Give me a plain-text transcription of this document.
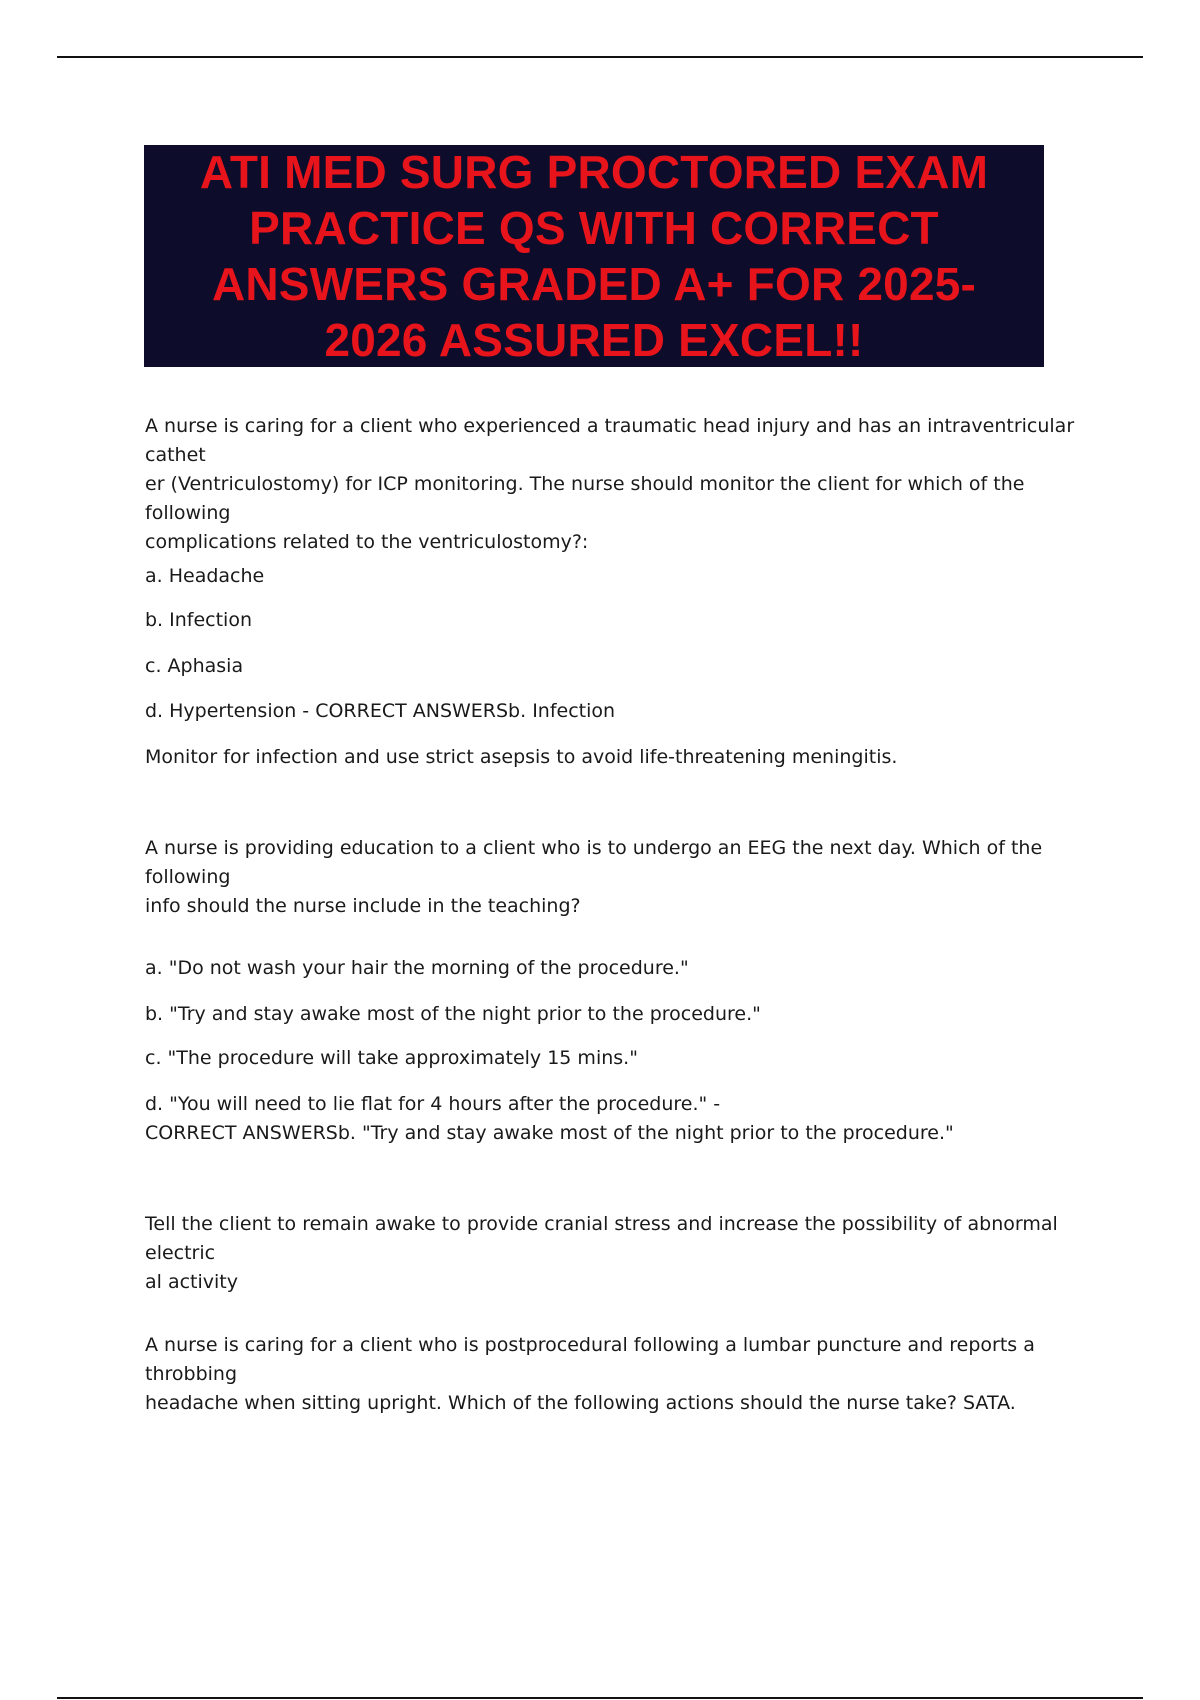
ATI MED SURG PROCTORED EXAM PRACTICE QS WITH CORRECT ANSWERS GRADED A+ FOR 2025-2026 ASSURED EXCEL!!

A nurse is caring for a client who experienced a traumatic head injury and has an intraventricular cathet
er (Ventriculostomy) for ICP monitoring. The nurse should monitor the client for which of the following
complications related to the ventriculostomy?:

a. Headache

b. Infection

c. Aphasia

d. Hypertension - CORRECT ANSWERSb. Infection

Monitor for infection and use strict asepsis to avoid life-threatening meningitis.

A nurse is providing education to a client who is to undergo an EEG the next day. Which of the following
info should the nurse include in the teaching?

a. "Do not wash your hair the morning of the procedure."

b. "Try and stay awake most of the night prior to the procedure."

c. "The procedure will take approximately 15 mins."

d. "You will need to lie flat for 4 hours after the procedure." -
CORRECT ANSWERSb. "Try and stay awake most of the night prior to the procedure."

Tell the client to remain awake to provide cranial stress and increase the possibility of abnormal electric
al activity

A nurse is caring for a client who is postprocedural following a lumbar puncture and reports a throbbing
headache when sitting upright. Which of the following actions should the nurse take? SATA.
